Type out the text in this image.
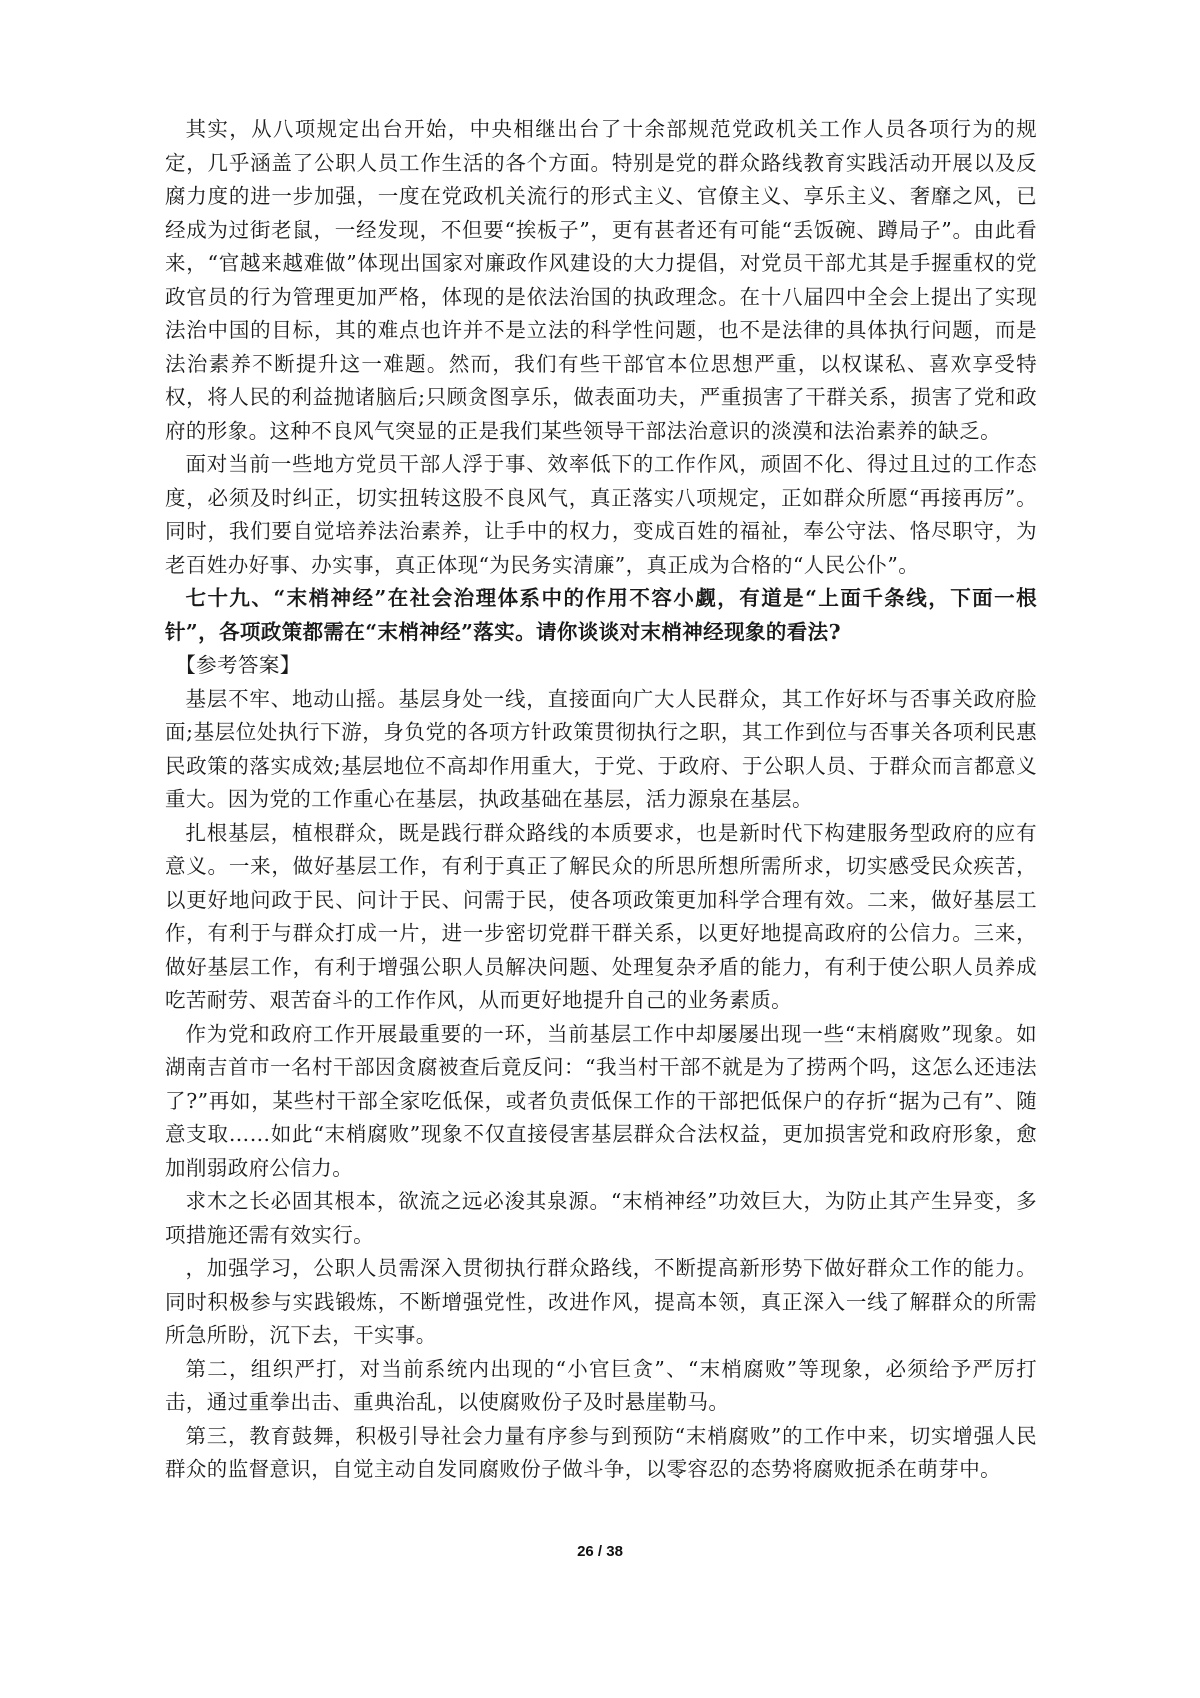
其实，从八项规定出台开始，中央相继出台了十余部规范党政机关工作人员各项行为的规定，几乎涵盖了公职人员工作生活的各个方面。特别是党的群众路线教育实践活动开展以及反腐力度的进一步加强，一度在党政机关流行的形式主义、官僚主义、享乐主义、奢靡之风，已经成为过街老鼠，一经发现，不但要“挨板子”，更有甚者还有可能“丢饭碗、蹲局子”。由此看来，“官越来越难做”体现出国家对廉政作风建设的大力提倡，对党员干部尤其是手握重权的党政官员的行为管理更加严格，体现的是依法治国的执政理念。在十八届四中全会上提出了实现法治中国的目标，其的难点也许并不是立法的科学性问题，也不是法律的具体执行问题，而是法治素养不断提升这一难题。然而，我们有些干部官本位思想严重，以权谋私、喜欢享受特权，将人民的利益抛诸脑后;只顾贪图享乐，做表面功夫，严重损害了干群关系，损害了党和政府的形象。这种不良风气突显的正是我们某些领导干部法治意识的淡漠和法治素养的缺乏。

面对当前一些地方党员干部人浮于事、效率低下的工作作风，顽固不化、得过且过的工作态度，必须及时纠正，切实扭转这股不良风气，真正落实八项规定，正如群众所愿“再接再厉”。同时，我们要自觉培养法治素养，让手中的权力，变成百姓的福祉，奉公守法、恪尽职守，为老百姓办好事、办实事，真正体现“为民务实清廉”，真正成为合格的“人民公仆”。

七十九、“末梢神经”在社会治理体系中的作用不容小觑，有道是“上面千条线，下面一根针”，各项政策都需在“末梢神经”落实。请你谈谈对末梢神经现象的看法?

【参考答案】

基层不牢、地动山摇。基层身处一线，直接面向广大人民群众，其工作好坏与否事关政府脸面;基层位处执行下游，身负党的各项方针政策贯彻执行之职，其工作到位与否事关各项利民惠民政策的落实成效;基层地位不高却作用重大，于党、于政府、于公职人员、于群众而言都意义重大。因为党的工作重心在基层，执政基础在基层，活力源泉在基层。

扎根基层，植根群众，既是践行群众路线的本质要求，也是新时代下构建服务型政府的应有意义。一来，做好基层工作，有利于真正了解民众的所思所想所需所求，切实感受民众疾苦，以更好地问政于民、问计于民、问需于民，使各项政策更加科学合理有效。二来，做好基层工作，有利于与群众打成一片，进一步密切党群干群关系，以更好地提高政府的公信力。三来，做好基层工作，有利于增强公职人员解决问题、处理复杂矛盾的能力，有利于使公职人员养成吃苦耐劳、艰苦奋斗的工作作风，从而更好地提升自己的业务素质。

作为党和政府工作开展最重要的一环，当前基层工作中却屡屡出现一些“末梢腐败”现象。如湖南吉首市一名村干部因贪腐被查后竟反问：“我当村干部不就是为了捞两个吗，这怎么还违法了?”再如，某些村干部全家吃低保，或者负责低保工作的干部把低保户的存折“据为己有”、随意支取……如此“末梢腐败”现象不仅直接侵害基层群众合法权益，更加损害党和政府形象，愈加削弱政府公信力。

求木之长必固其根本，欲流之远必浚其泉源。“末梢神经”功效巨大，为防止其产生异变，多项措施还需有效实行。

，加强学习，公职人员需深入贯彻执行群众路线，不断提高新形势下做好群众工作的能力。同时积极参与实践锻炼，不断增强党性，改进作风，提高本领，真正深入一线了解群众的所需所急所盼，沉下去，干实事。

第二，组织严打，对当前系统内出现的“小官巨贪”、“末梢腐败”等现象，必须给予严厉打击，通过重拳出击、重典治乱，以使腐败份子及时悬崖勒马。

第三，教育鼓舞，积极引导社会力量有序参与到预防“末梢腐败”的工作中来，切实增强人民群众的监督意识，自觉主动自发同腐败份子做斗争，以零容忍的态势将腐败扼杀在萌芽中。

26 / 38
